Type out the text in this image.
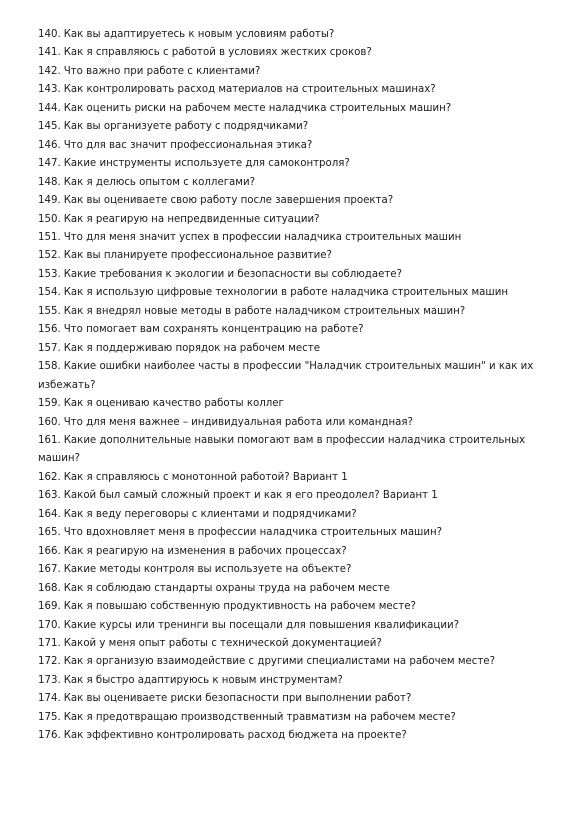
140. Как вы адаптируетесь к новым условиям работы?
141. Как я справляюсь с работой в условиях жестких сроков?
142. Что важно при работе с клиентами?
143. Как контролировать расход материалов на строительных машинах?
144. Как оценить риски на рабочем месте наладчика строительных машин?
145. Как вы организуете работу с подрядчиками?
146. Что для вас значит профессиональная этика?
147. Какие инструменты используете для самоконтроля?
148. Как я делюсь опытом с коллегами?
149. Как вы оцениваете свою работу после завершения проекта?
150. Как я реагирую на непредвиденные ситуации?
151. Что для меня значит успех в профессии наладчика строительных машин
152. Как вы планируете профессиональное развитие?
153. Какие требования к экологии и безопасности вы соблюдаете?
154. Как я использую цифровые технологии в работе наладчика строительных машин
155. Как я внедрял новые методы в работе наладчиком строительных машин?
156. Что помогает вам сохранять концентрацию на работе?
157. Как я поддерживаю порядок на рабочем месте
158. Какие ошибки наиболее часты в профессии "Наладчик строительных машин" и как их избежать?
159. Как я оцениваю качество работы коллег
160. Что для меня важнее – индивидуальная работа или командная?
161. Какие дополнительные навыки помогают вам в профессии наладчика строительных машин?
162. Как я справляюсь с монотонной работой? Вариант 1
163. Какой был самый сложный проект и как я его преодолел? Вариант 1
164. Как я веду переговоры с клиентами и подрядчиками?
165. Что вдохновляет меня в профессии наладчика строительных машин?
166. Как я реагирую на изменения в рабочих процессах?
167. Какие методы контроля вы используете на объекте?
168. Как я соблюдаю стандарты охраны труда на рабочем месте
169. Как я повышаю собственную продуктивность на рабочем месте?
170. Какие курсы или тренинги вы посещали для повышения квалификации?
171. Какой у меня опыт работы с технической документацией?
172. Как я организую взаимодействие с другими специалистами на рабочем месте?
173. Как я быстро адаптируюсь к новым инструментам?
174. Как вы оцениваете риски безопасности при выполнении работ?
175. Как я предотвращаю производственный травматизм на рабочем месте?
176. Как эффективно контролировать расход бюджета на проекте?
